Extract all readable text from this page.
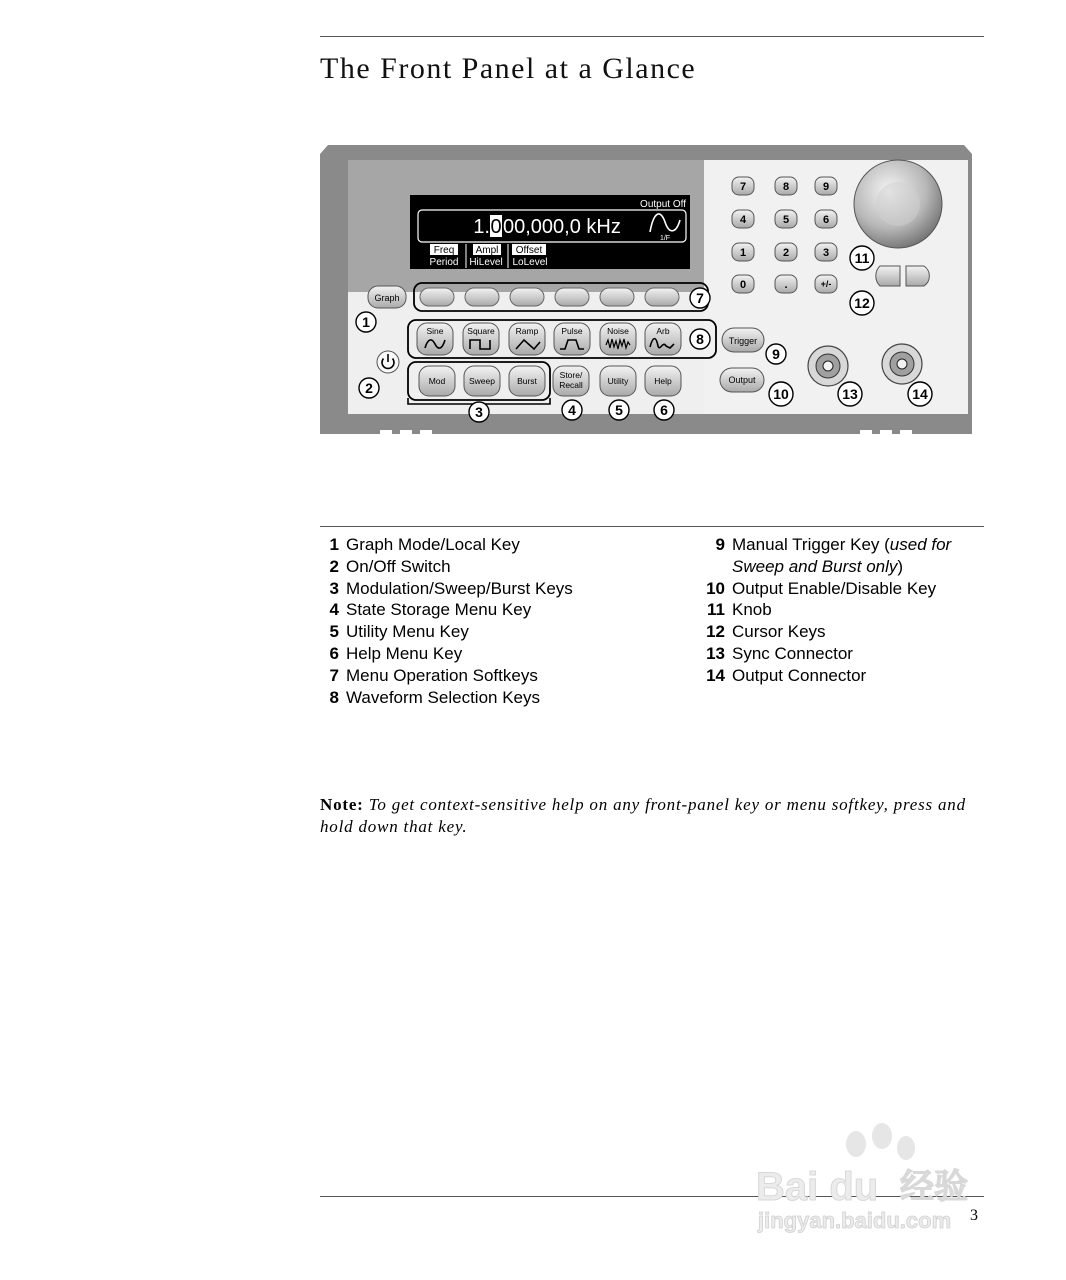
The Front Panel at a Glance
Output Off
1. 0 00,000,0 kHz
1/F
Freq Ampl Offset
Period HiLevel LoLevel
Graph
Sine	Square Ramp	Pulse	Noise	Arb
Mod	Sweep	Burst
Store/
Recall	Utility	Help
Trigger
Output
7	8	9
4	5	6
1	2	3
0	.	+/-
1
2
3	4	5	6
7
8
9
10
11
12
13	14
1 Graph Mode/Local Key
2 On/Off Switch
3 Modulation/Sweep/Burst Keys
4 State Storage Menu Key
5 Utility Menu Key
6 Help Menu Key
7 Menu Operation Softkeys
8 Waveform Selection Keys
9 Manual Trigger Key ( used for
Sweep and Burst only )
10 Output Enable/Disable Key
11 Knob
12 Cursor Keys
13 Sync Connector
14 Output Connector
Note: To get context-sensitive help on any front-panel key or menu softkey, press and hold down that key.
Bai du 经验
jingyan.baidu.com 3
